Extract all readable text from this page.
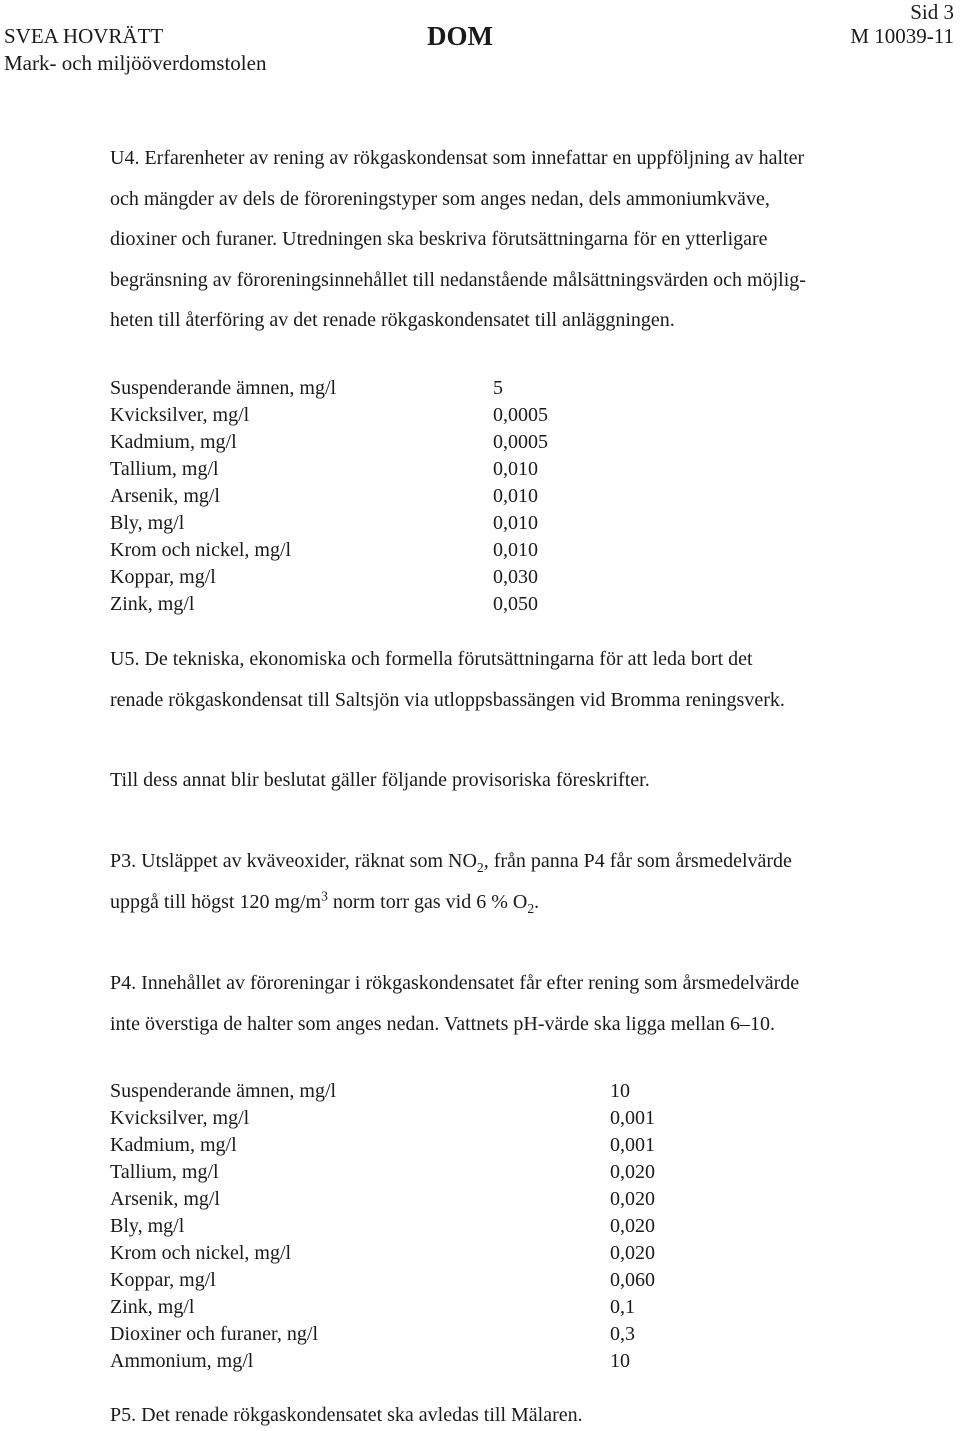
Sid 3
SVEA HOVRÄTT	DOM	M 10039-11
Mark- och miljööverdomstolen
U4. Erfarenheter av rening av rökgaskondensat som innefattar en uppföljning av halter
och mängder av dels de föroreningstyper som anges nedan, dels ammoniumkväve,
dioxiner och furaner. Utredningen ska beskriva förutsättningarna för en ytterligare
begränsning av föroreningsinnehållet till nedanstående målsättningsvärden och möjlig-
heten till återföring av det renade rökgaskondensatet till anläggningen.
Suspenderande ämnen, mg/l	5
Kvicksilver, mg/l	0,0005
Kadmium, mg/l	0,0005
Tallium, mg/l	0,010
Arsenik, mg/l	0,010
Bly, mg/l	0,010
Krom och nickel, mg/l	0,010
Koppar, mg/l	0,030
Zink, mg/l	0,050
U5. De tekniska, ekonomiska och formella förutsättningarna för att leda bort det
renade rökgaskondensat till Saltsjön via utloppsbassängen vid Bromma reningsverk.
Till dess annat blir beslutat gäller följande provisoriska föreskrifter.
P3. Utsläppet av kväveoxider, räknat som $NO_2$, från panna P4 får som årsmedelvärde
uppgå till högst 120 $mg/m^3$ norm torr gas vid 6 % $O_2$.
P4. Innehållet av föroreningar i rökgaskondensatet får efter rening som årsmedelvärde
inte överstiga de halter som anges nedan. Vattnets pH-värde ska ligga mellan 6–10.
Suspenderande ämnen, mg/l	10
Kvicksilver, mg/l	0,001
Kadmium, mg/l	0,001
Tallium, mg/l	0,020
Arsenik, mg/l	0,020
Bly, mg/l	0,020
Krom och nickel, mg/l	0,020
Koppar, mg/l	0,060
Zink, mg/l	0,1
Dioxiner och furaner, ng/l	0,3
Ammonium, mg/l	10
P5. Det renade rökgaskondensatet ska avledas till Mälaren.
